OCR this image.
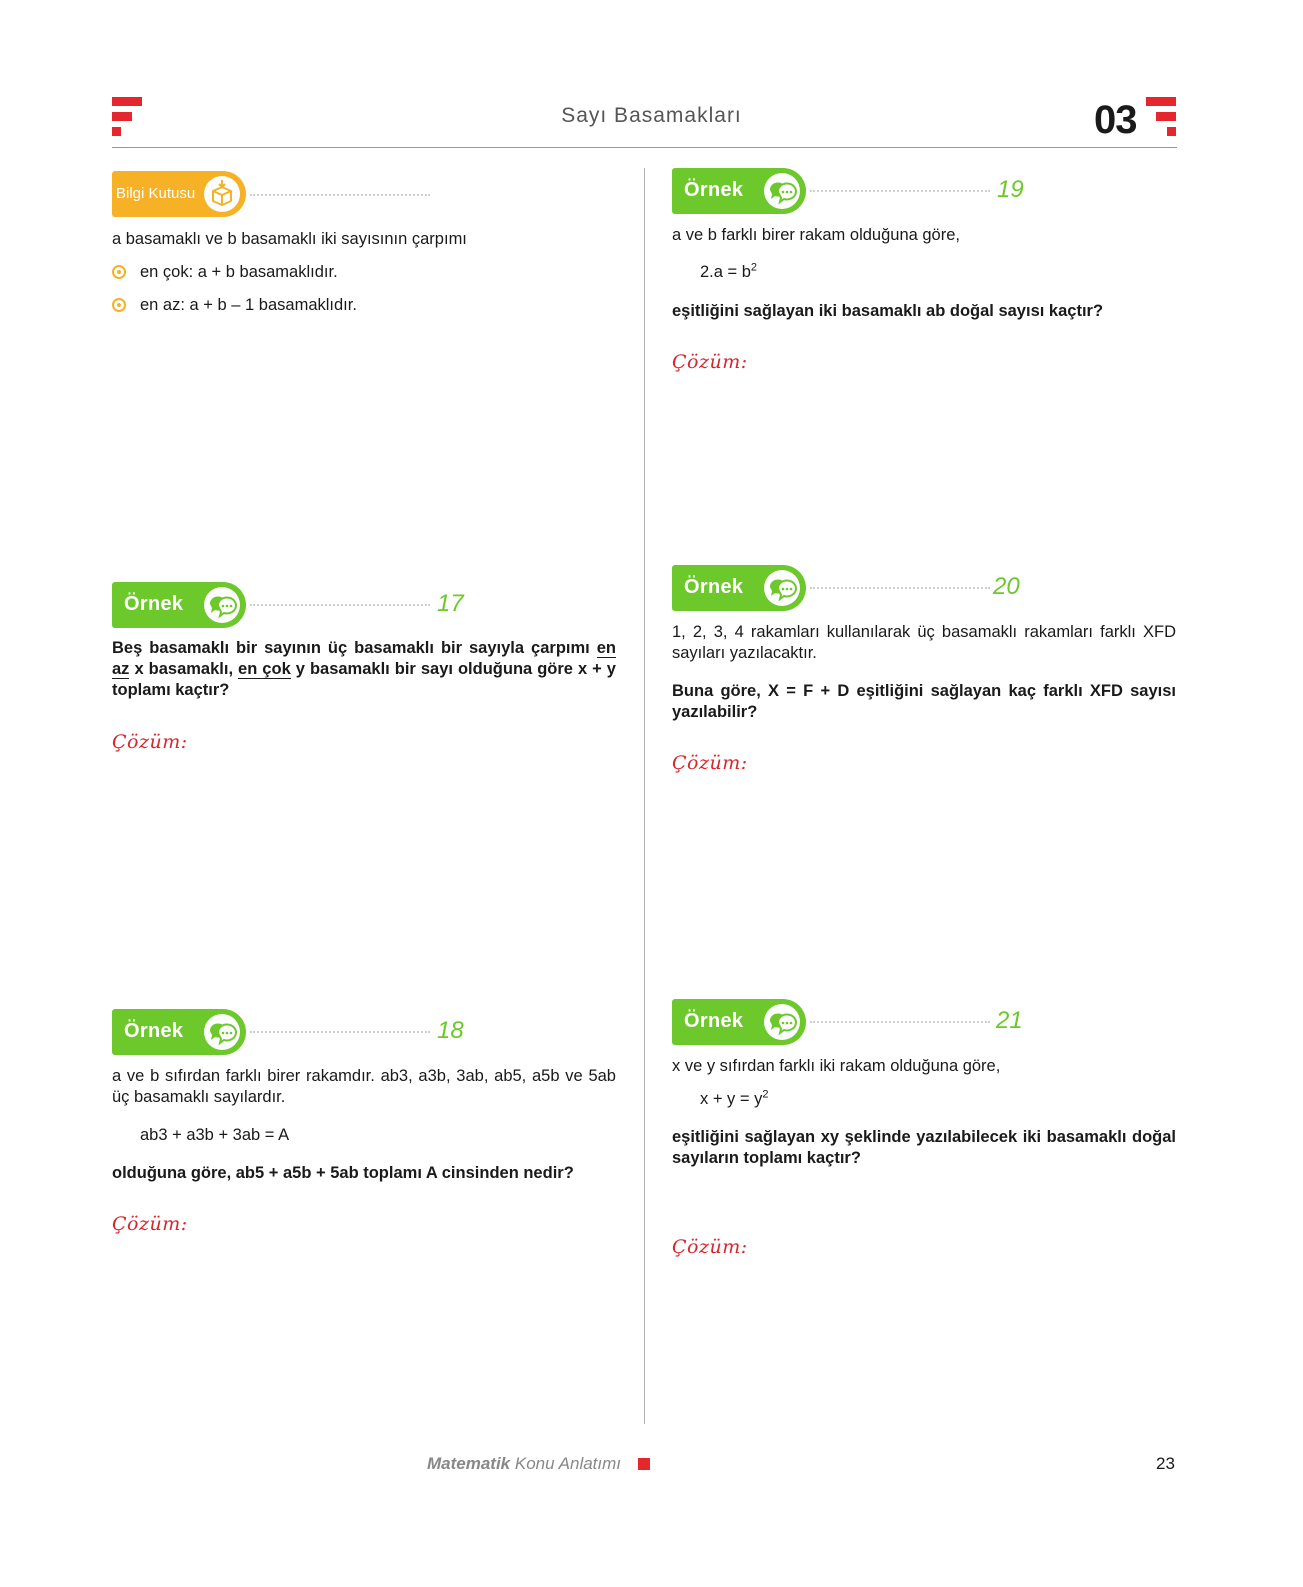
Sayı Basamakları	03
Bilgi Kutusu
a basamaklı ve b basamaklı iki sayısının çarpımı
en çok: a + b basamaklıdır.
en az: a + b – 1 basamaklıdır.
Örnek	17
Beş basamaklı bir sayının üç basamaklı bir sayıyla çarpımı en az x basamaklı, en çok y basamaklı bir sayı olduğuna göre x + y toplamı kaçtır?
Çözüm:
Örnek	18
a ve b sıfırdan farklı birer rakamdır. ab3, a3b, 3ab, ab5, a5b ve 5ab üç basamaklı sayılardır.
ab3 + a3b + 3ab = A
olduğuna göre, ab5 + a5b + 5ab toplamı A cinsinden nedir?
Çözüm:
Örnek	19
a ve b farklı birer rakam olduğuna göre,
$2.a = b^2$
eşitliğini sağlayan iki basamaklı ab doğal sayısı kaçtır?
Çözüm:
Örnek	20
1, 2, 3, 4 rakamları kullanılarak üç basamaklı rakamları farklı XFD sayıları yazılacaktır.
Buna göre, X = F + D eşitliğini sağlayan kaç farklı XFD sayısı yazılabilir?
Çözüm:
Örnek	21
x ve y sıfırdan farklı iki rakam olduğuna göre,
$x + y = y^2$
eşitliğini sağlayan xy şeklinde yazılabilecek iki basamaklı doğal sayıların toplamı kaçtır?
Çözüm:
Matematik Konu Anlatımı	23
